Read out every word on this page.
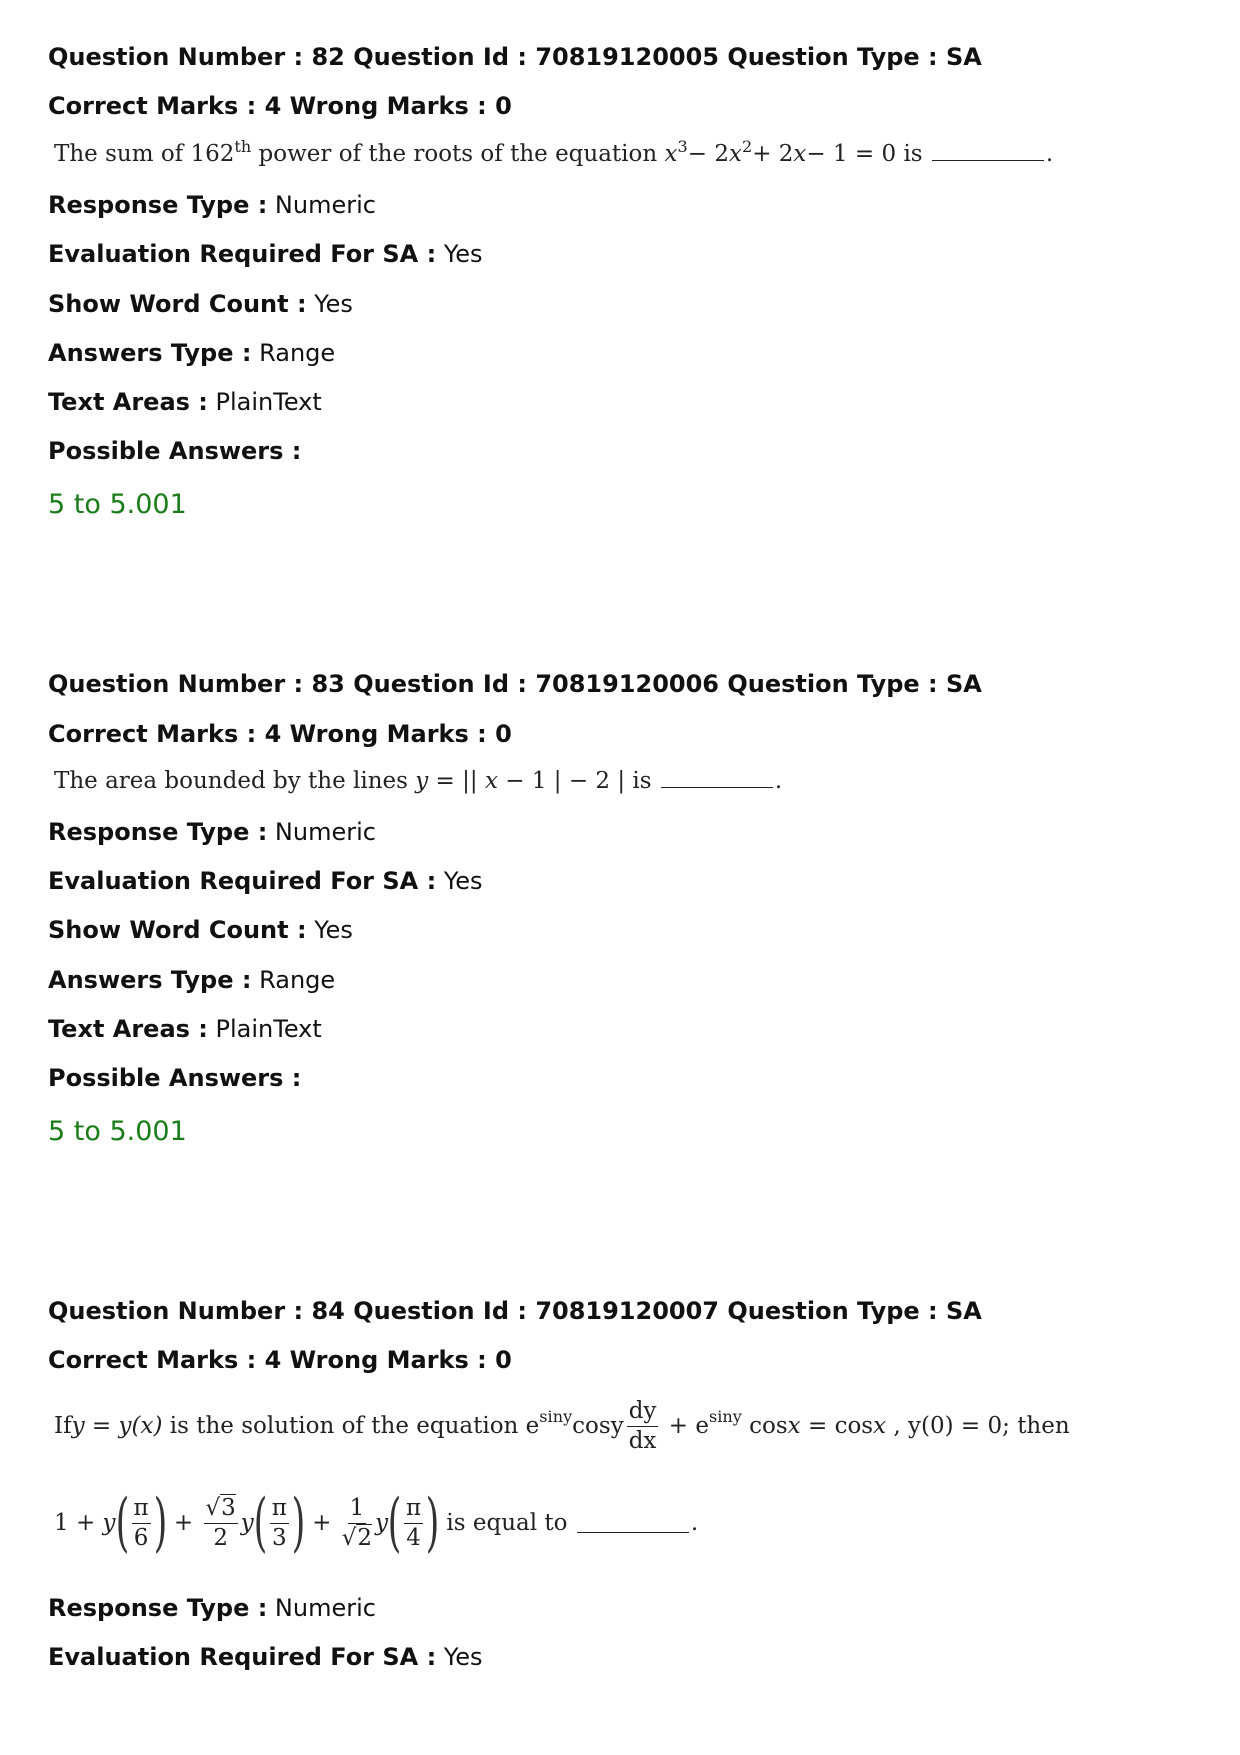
Question Number : 82 Question Id : 70819120005 Question Type : SA
Correct Marks : 4 Wrong Marks : 0
The sum of 162th power of the roots of the equation $x^3- 2x^2+ 2x- 1 = 0$ is	.
Response Type : Numeric
Evaluation Required For SA : Yes
Show Word Count : Yes
Answers Type : Range
Text Areas : PlainText
Possible Answers :
5 to 5.001
Question Number : 83 Question Id : 70819120006 Question Type : SA
Correct Marks : 4 Wrong Marks : 0
The area bounded by the lines y = || x − 1 | − 2 | is	.
Response Type : Numeric
Evaluation Required For SA : Yes
Show Word Count : Yes
Answers Type : Range
Text Areas : PlainText
Possible Answers :
5 to 5.001
Question Number : 84 Question Id : 70819120007 Question Type : SA
Correct Marks : 4 Wrong Marks : 0
If y = y(x) is the solution of the equation $e^{siny}$ cosy $\frac{dy}{dx} + e^{siny}$ cos x = cos x , y(0) = 0; then
1 + y ( $\frac{\pi}{6}$ ) + $\frac{√3}{2}$ y ( $\frac{\pi}{3}$ ) + $\frac{1}{√2}$ y ( $\frac{\pi}{4}$ ) is equal to	.
Response Type : Numeric
Evaluation Required For SA : Yes
